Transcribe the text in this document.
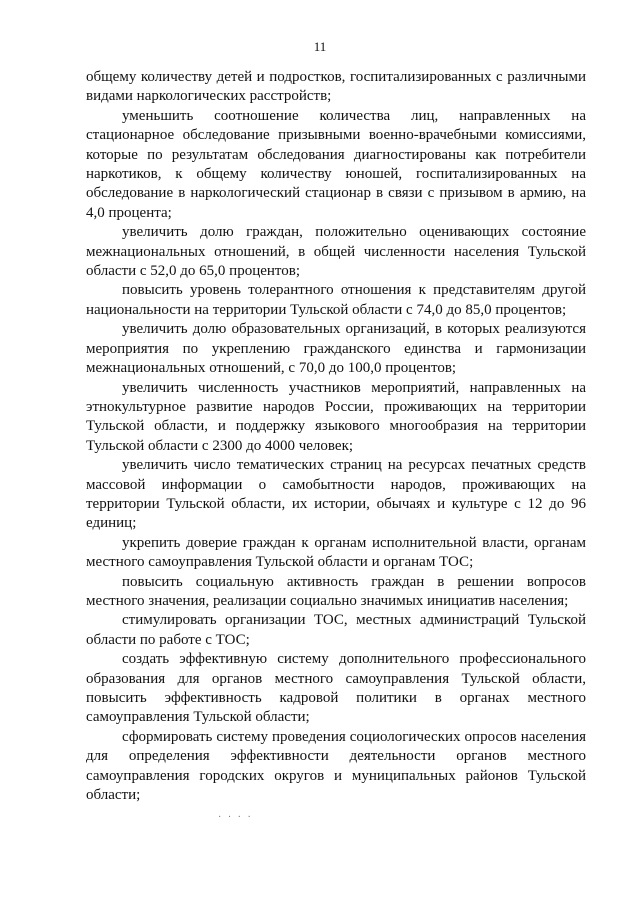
11

общему количеству детей и подростков, госпитализированных с различными видами наркологических расстройств;

уменьшить соотношение количества лиц, направленных на стационарное обследование призывными военно-врачебными комиссиями, которые по результатам обследования диагностированы как потребители наркотиков, к общему количеству юношей, госпитализированных на обследование в наркологический стационар в связи с призывом в армию, на 4,0 процента;

увеличить долю граждан, положительно оценивающих состояние межнациональных отношений, в общей численности населения Тульской области с 52,0 до 65,0 процентов;

повысить уровень толерантного отношения к представителям другой национальности на территории Тульской области с 74,0 до 85,0 процентов;

увеличить долю образовательных организаций, в которых реализуются мероприятия по укреплению гражданского единства и гармонизации межнациональных отношений, с 70,0 до 100,0 процентов;

увеличить численность участников мероприятий, направленных на этнокультурное развитие народов России, проживающих на территории Тульской области, и поддержку языкового многообразия на территории Тульской области с 2300 до 4000 человек;

увеличить число тематических страниц на ресурсах печатных средств массовой информации о самобытности народов, проживающих на территории Тульской области, их истории, обычаях и культуре с 12 до 96 единиц;

укрепить доверие граждан к органам исполнительной власти, органам местного самоуправления Тульской области и органам ТОС;

повысить социальную активность граждан в решении вопросов местного значения, реализации социально значимых инициатив населения;

стимулировать организации ТОС, местных администраций Тульской области по работе с ТОС;

создать эффективную систему дополнительного профессионального образования для органов местного самоуправления Тульской области, повысить эффективность кадровой политики в органах местного самоуправления Тульской области;

сформировать систему проведения социологических опросов населения для определения эффективности деятельности органов местного самоуправления городских округов и муниципальных районов Тульской области;

· · · ·
